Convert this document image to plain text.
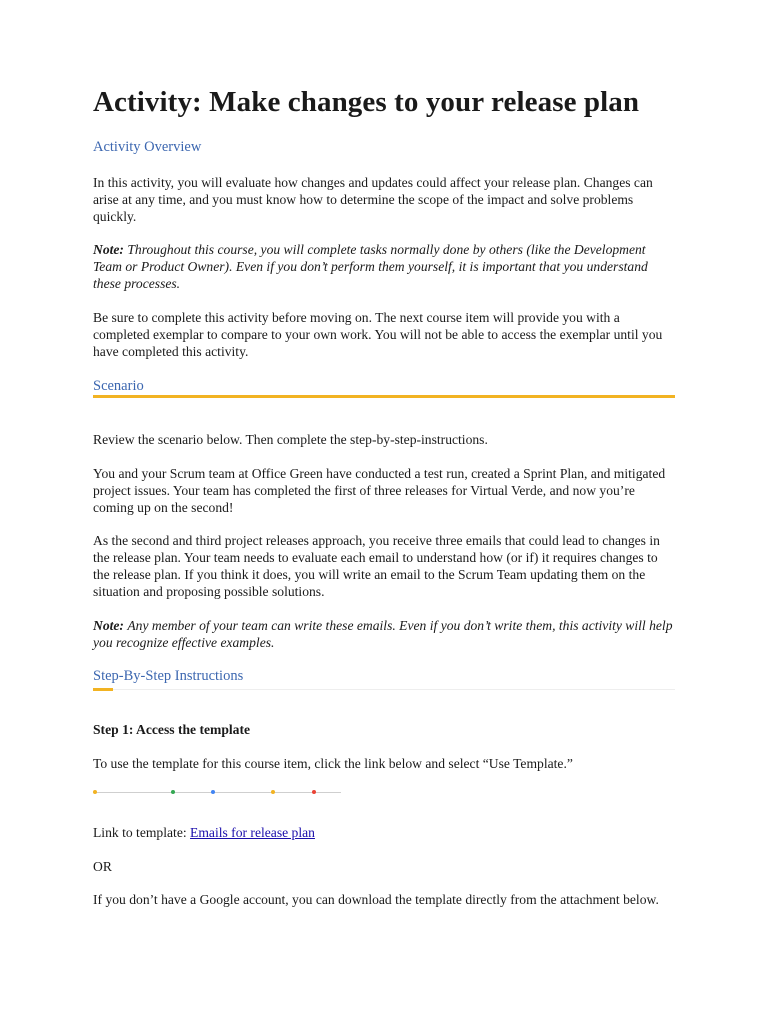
Activity: Make changes to your release plan
Activity Overview

In this activity, you will evaluate how changes and updates could affect your release plan. Changes can arise at any time, and you must know how to determine the scope of the impact and solve problems quickly.

Note: Throughout this course, you will complete tasks normally done by others (like the Development Team or Product Owner). Even if you don’t perform them yourself, it is important that you understand these processes.

Be sure to complete this activity before moving on. The next course item will provide you with a completed exemplar to compare to your own work. You will not be able to access the exemplar until you have completed this activity.

Scenario

Review the scenario below. Then complete the step-by-step-instructions.

You and your Scrum team at Office Green have conducted a test run, created a Sprint Plan, and mitigated project issues. Your team has completed the first of three releases for Virtual Verde, and now you’re coming up on the second!

As the second and third project releases approach, you receive three emails that could lead to changes in the release plan. Your team needs to evaluate each email to understand how (or if) it requires changes to the release plan. If you think it does, you will write an email to the Scrum Team updating them on the situation and proposing possible solutions.

Note: Any member of your team can write these emails. Even if you don’t write them, this activity will help you recognize effective examples.

Step-By-Step Instructions
Step 1: Access the template

To use the template for this course item, click the link below and select “Use Template.”

Link to template: Emails for release plan

OR

If you don’t have a Google account, you can download the template directly from the attachment below.
